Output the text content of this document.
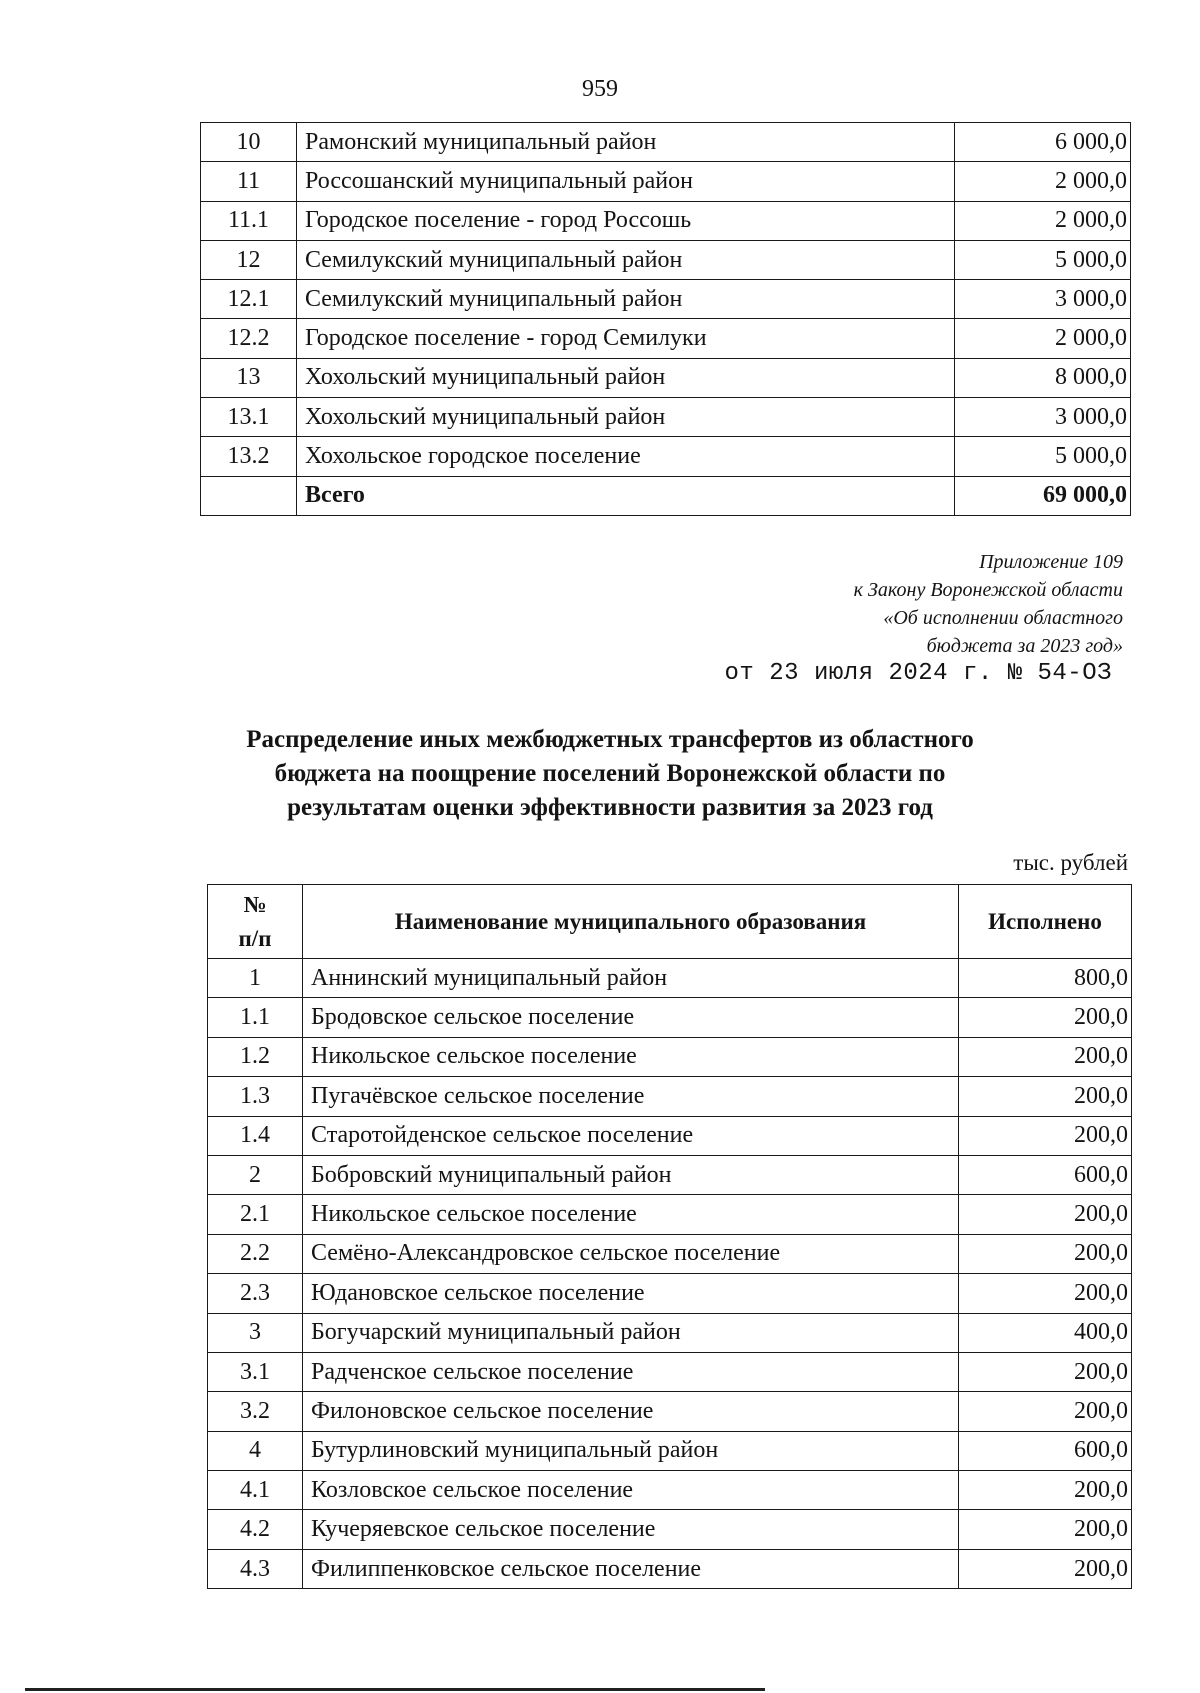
959
10	Рамонский муниципальный район	6 000,0
11	Россошанский муниципальный район	2 000,0
11.1	Городское поселение - город Россошь	2 000,0
12	Семилукский муниципальный район	5 000,0
12.1	Семилукский муниципальный район	3 000,0
12.2	Городское поселение - город Семилуки	2 000,0
13	Хохольский муниципальный район	8 000,0
13.1	Хохольский муниципальный район	3 000,0
13.2	Хохольское городское поселение	5 000,0
	Всего	69 000,0
Приложение 109
к Закону Воронежской области
«Об исполнении областного
бюджета за 2023 год»
от 23 июля 2024 г. № 54-ОЗ
Распределение иных межбюджетных трансфертов из областного
бюджета на поощрение поселений Воронежской области по
результатам оценки эффективности развития за 2023 год
тыс. рублей
№
п/п	Наименование муниципального образования	Исполнено
1	Аннинский муниципальный район	800,0
1.1	Бродовское сельское поселение	200,0
1.2	Никольское сельское поселение	200,0
1.3	Пугачёвское сельское поселение	200,0
1.4	Старотойденское сельское поселение	200,0
2	Бобровский муниципальный район	600,0
2.1	Никольское сельское поселение	200,0
2.2	Семёно-Александровское сельское поселение	200,0
2.3	Юдановское сельское поселение	200,0
3	Богучарский муниципальный район	400,0
3.1	Радченское сельское поселение	200,0
3.2	Филоновское сельское поселение	200,0
4	Бутурлиновский муниципальный район	600,0
4.1	Козловское сельское поселение	200,0
4.2	Кучеряевское сельское поселение	200,0
4.3	Филиппенковское сельское поселение	200,0
